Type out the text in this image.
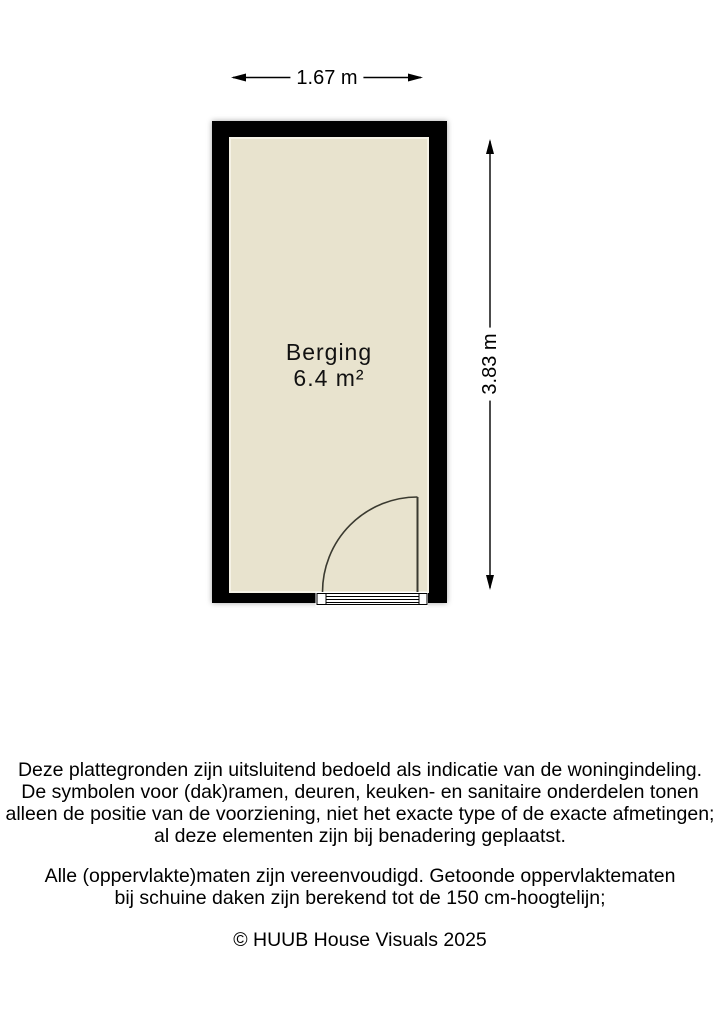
1.67 m
3.83 m
Berging
6.4 m²
Deze plattegronden zijn uitsluitend bedoeld als indicatie van de woningindeling.
De symbolen voor (dak)ramen, deuren, keuken- en sanitaire onderdelen tonen
alleen de positie van de voorziening, niet het exacte type of de exacte afmetingen;
al deze elementen zijn bij benadering geplaatst.
Alle (oppervlakte)maten zijn vereenvoudigd. Getoonde oppervlaktematen
bij schuine daken zijn berekend tot de 150 cm-hoogtelijn;
© HUUB House Visuals 2025
